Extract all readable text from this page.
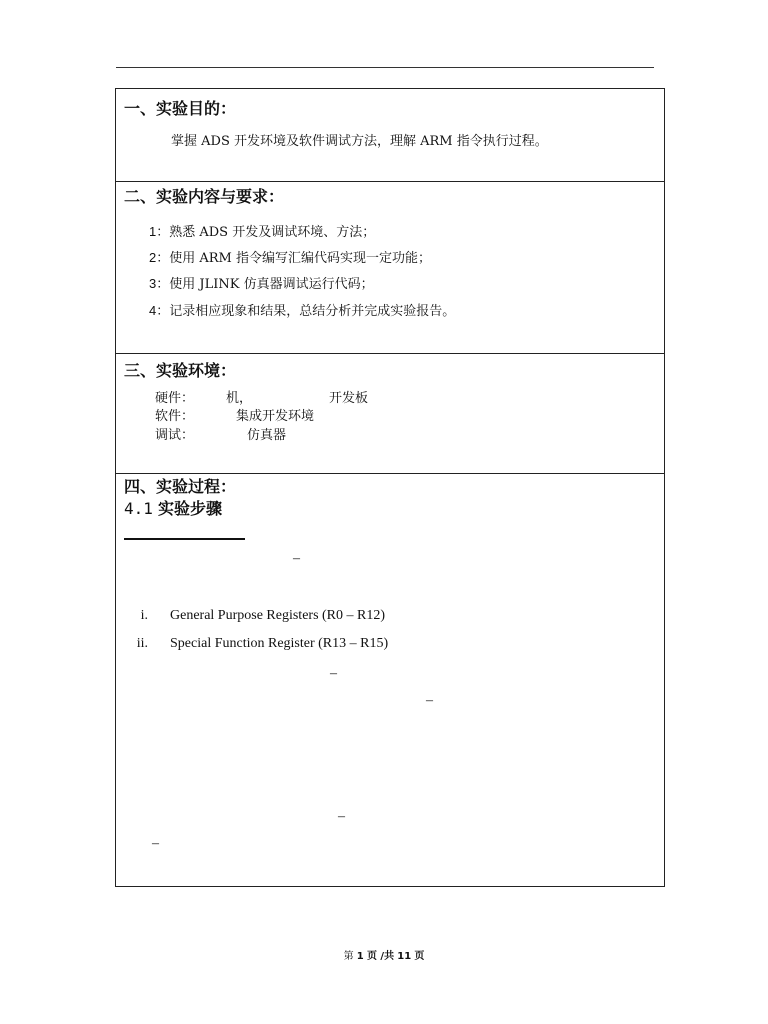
一、实验目的：
掌握 ADS 开发环境及软件调试方法，理解 ARM 指令执行过程。
二、实验内容与要求：
1：熟悉 ADS 开发及调试环境、方法；
2：使用 ARM 指令编写汇编代码实现一定功能；
3：使用 JLINK 仿真器调试运行代码；
4：记录相应现象和结果，总结分析并完成实验报告。
三、实验环境：
硬件： 机，	开发板
软件：	集成开发环境
调试：	仿真器
四、实验过程：
4.1 实验步骤
–
i. General Purpose Registers (R0 – R12)
ii. Special Function Register (R13 – R15)
–
–
–
–
第 1 页 /共 11 页
